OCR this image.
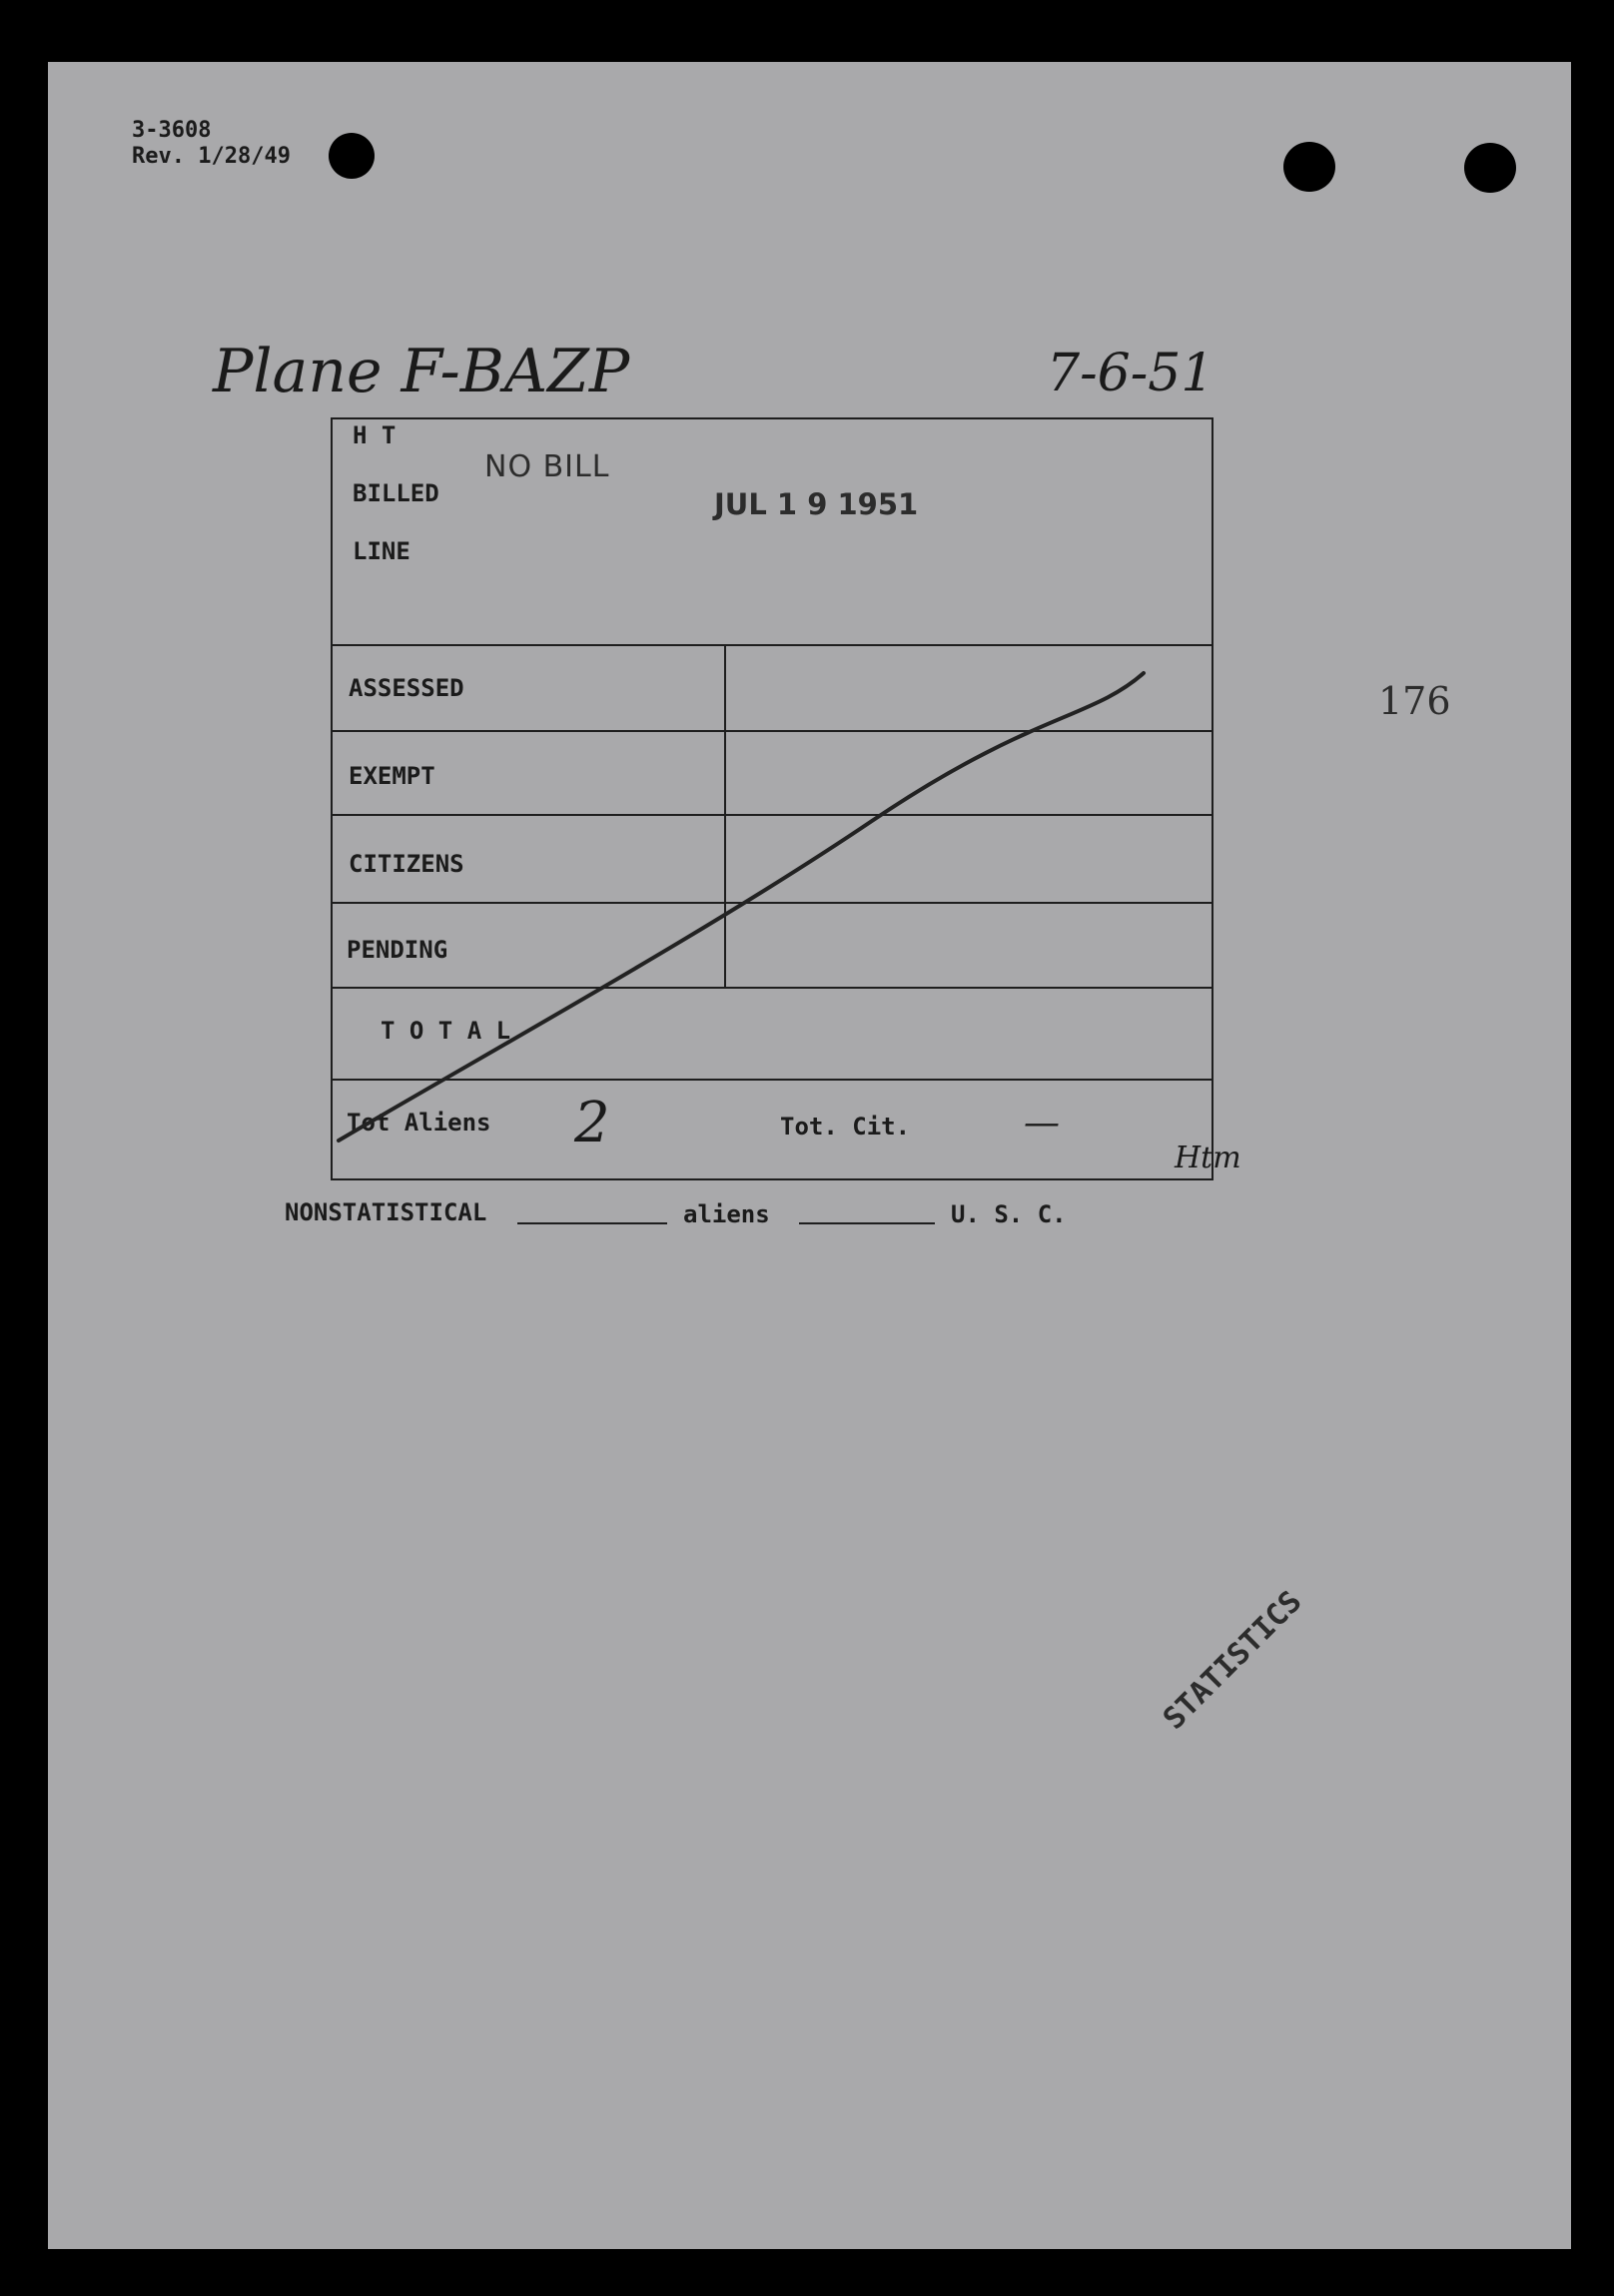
3-3608
Rev. 1/28/49
Plane F-BAZP	7-6-51
176
H T
BILLED
LINE
NO BILL
JUL 1 9 1951
ASSESSED
EXEMPT
CITIZENS
PENDING
T O T A L
Tot Aliens 2	Tot. Cit.	—
Htm
NONSTATISTICAL	aliens	U. S. C.
STATISTICS
